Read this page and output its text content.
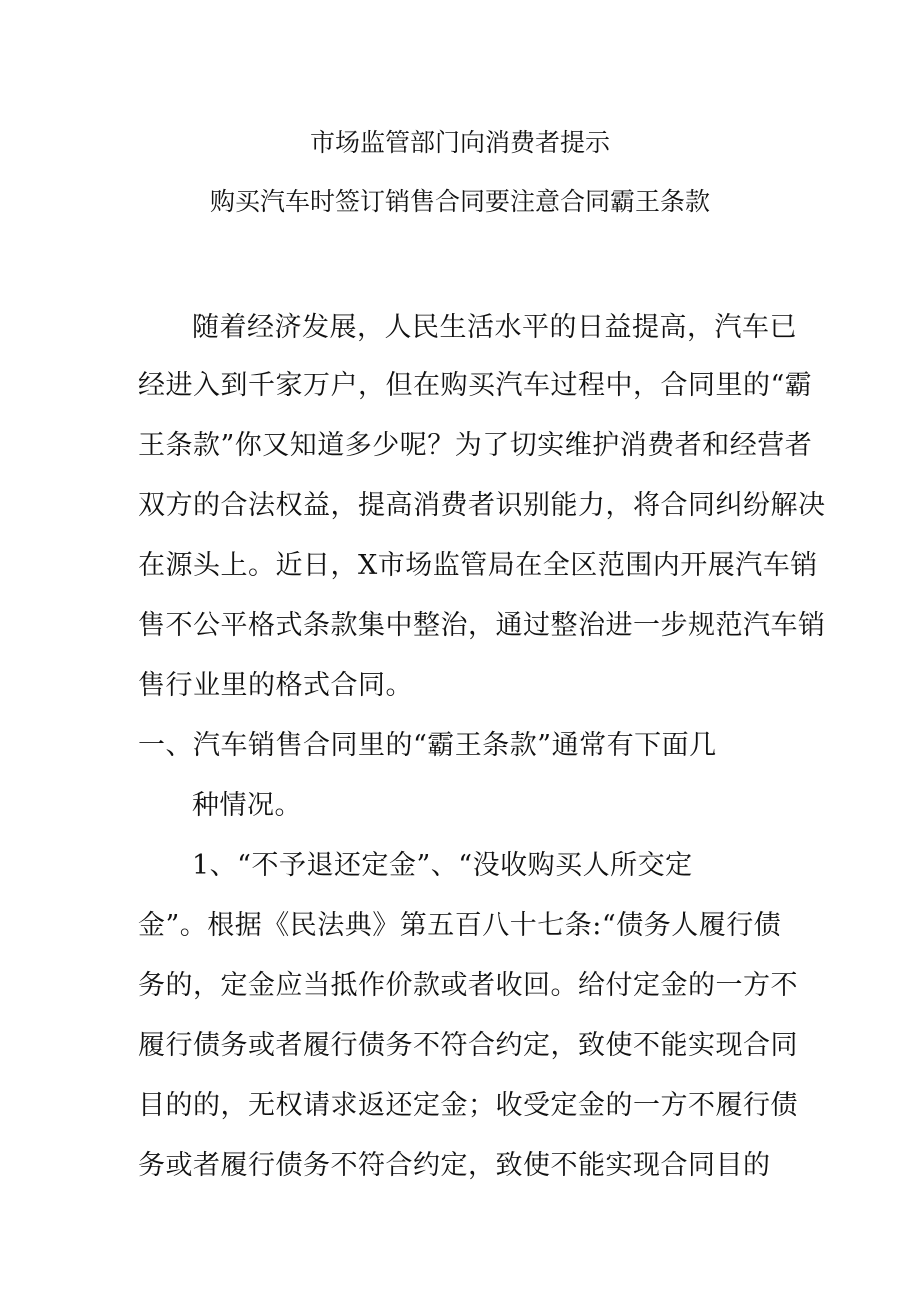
市场监管部门向消费者提示
购买汽车时签订销售合同要注意合同霸王条款
随着经济发展，人民生活水平的日益提高，汽车已
经进入到千家万户，但在购买汽车过程中，合同里的“霸
王条款”你又知道多少呢？为了切实维护消费者和经营者
双方的合法权益，提高消费者识别能力，将合同纠纷解决
在源头上。近日，X市场监管局在全区范围内开展汽车销
售不公平格式条款集中整治，通过整治进一步规范汽车销
售行业里的格式合同。
一、汽车销售合同里的“霸王条款”通常有下面几
种情况。
1、“不予退还定金”、“没收购买人所交定
金”。根据《民法典》第五百八十七条:“债务人履行债
务的，定金应当抵作价款或者收回。给付定金的一方不
履行债务或者履行债务不符合约定，致使不能实现合同
目的的，无权请求返还定金；收受定金的一方不履行债
务或者履行债务不符合约定，致使不能实现合同目的
